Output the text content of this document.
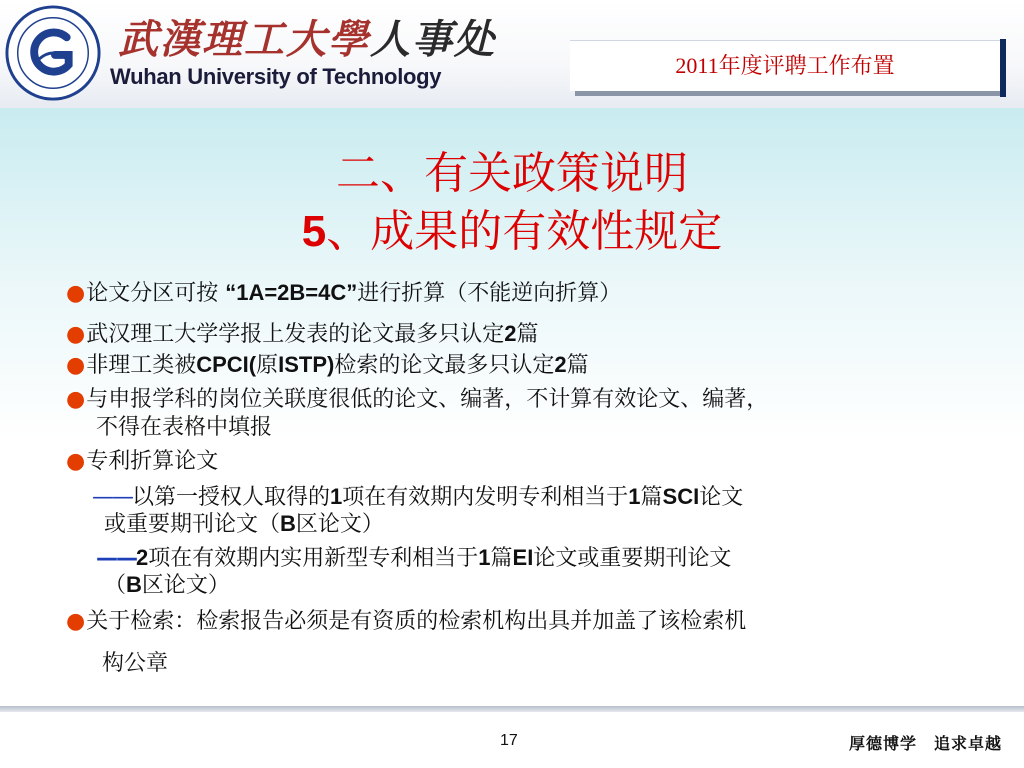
武漢理工大學人事处
Wuhan University of Technology	2011年度评聘工作布置
二、有关政策说明
5、成果的有效性规定
●论文分区可按 “1A=2B=4C”进行折算（不能逆向折算）
●武汉理工大学学报上发表的论文最多只认定2篇
●非理工类被CPCI(原ISTP)检索的论文最多只认定2篇
●与申报学科的岗位关联度很低的论文、编著，不计算有效论文、编著，
不得在表格中填报
●专利折算论文
——以第一授权人取得的1项在有效期内发明专利相当于1篇SCI论文
或重要期刊论文（B区论文）
——2项在有效期内实用新型专利相当于1篇EI论文或重要期刊论文
（B区论文）
●关于检索：检索报告必须是有资质的检索机构出具并加盖了该检索机
构公章
17	厚德博学　追求卓越
